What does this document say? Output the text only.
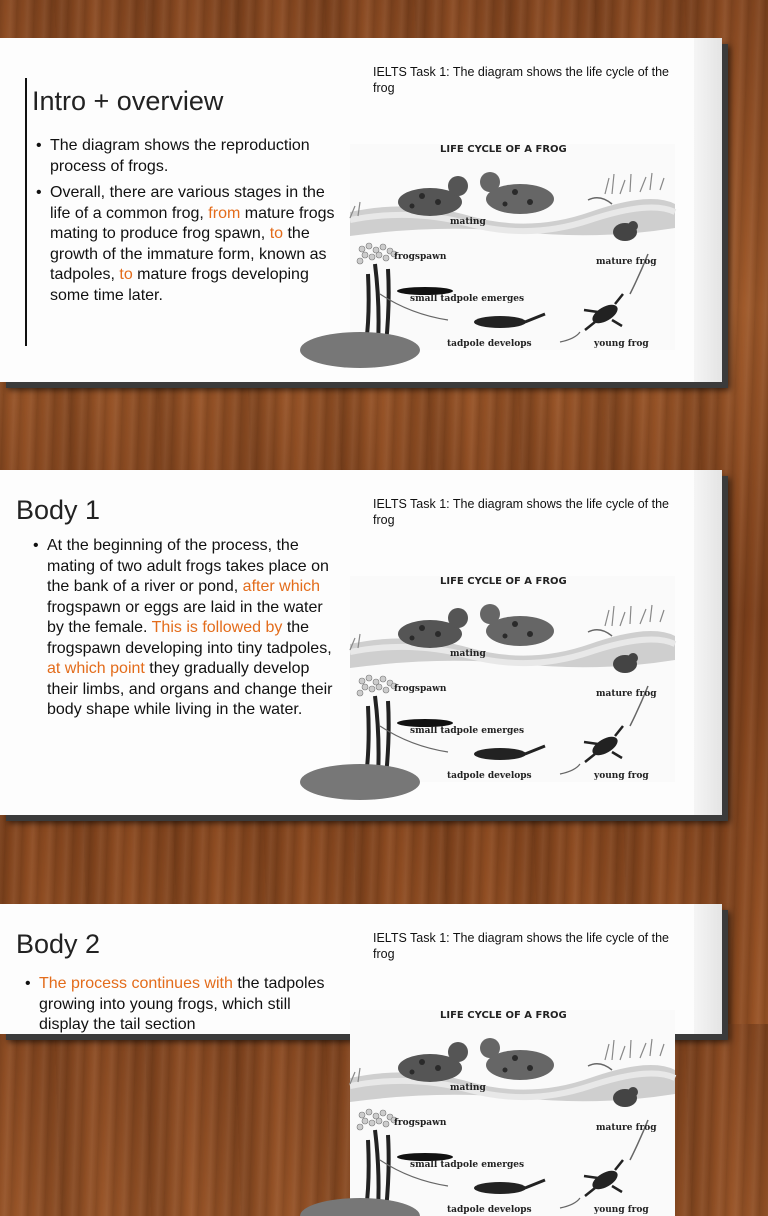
Intro + overview
IELTS Task 1: The diagram shows the life cycle of the frog
• The diagram shows the reproduction process of frogs.
• Overall, there are various stages in the life of a common frog, from mature frogs mating to produce frog spawn, to the growth of the immature form, known as tadpoles, to mature frogs developing some time later.
LIFE CYCLE OF A FROG
mating
frogspawn	mature frog
small tadpole emerges
tadpole develops	young frog
Body 1	IELTS Task 1: The diagram shows the life cycle of the frog
• At the beginning of the process, the mating of two adult frogs takes place on the bank of a river or pond, after which frogspawn or eggs are laid in the water by the female. This is followed by the frogspawn developing into tiny tadpoles, at which point they gradually develop their limbs, and organs and change their body shape while living in the water.
LIFE CYCLE OF A FROG
mating
frogspawn	mature frog
small tadpole emerges
tadpole develops	young frog
Body 2	IELTS Task 1: The diagram shows the life cycle of the frog
• The process continues with the tadpoles growing into young frogs, which still display the tail section
LIFE CYCLE OF A FROG
mating
frogspawn	mature frog
small tadpole emerges
tadpole develops	young frog
